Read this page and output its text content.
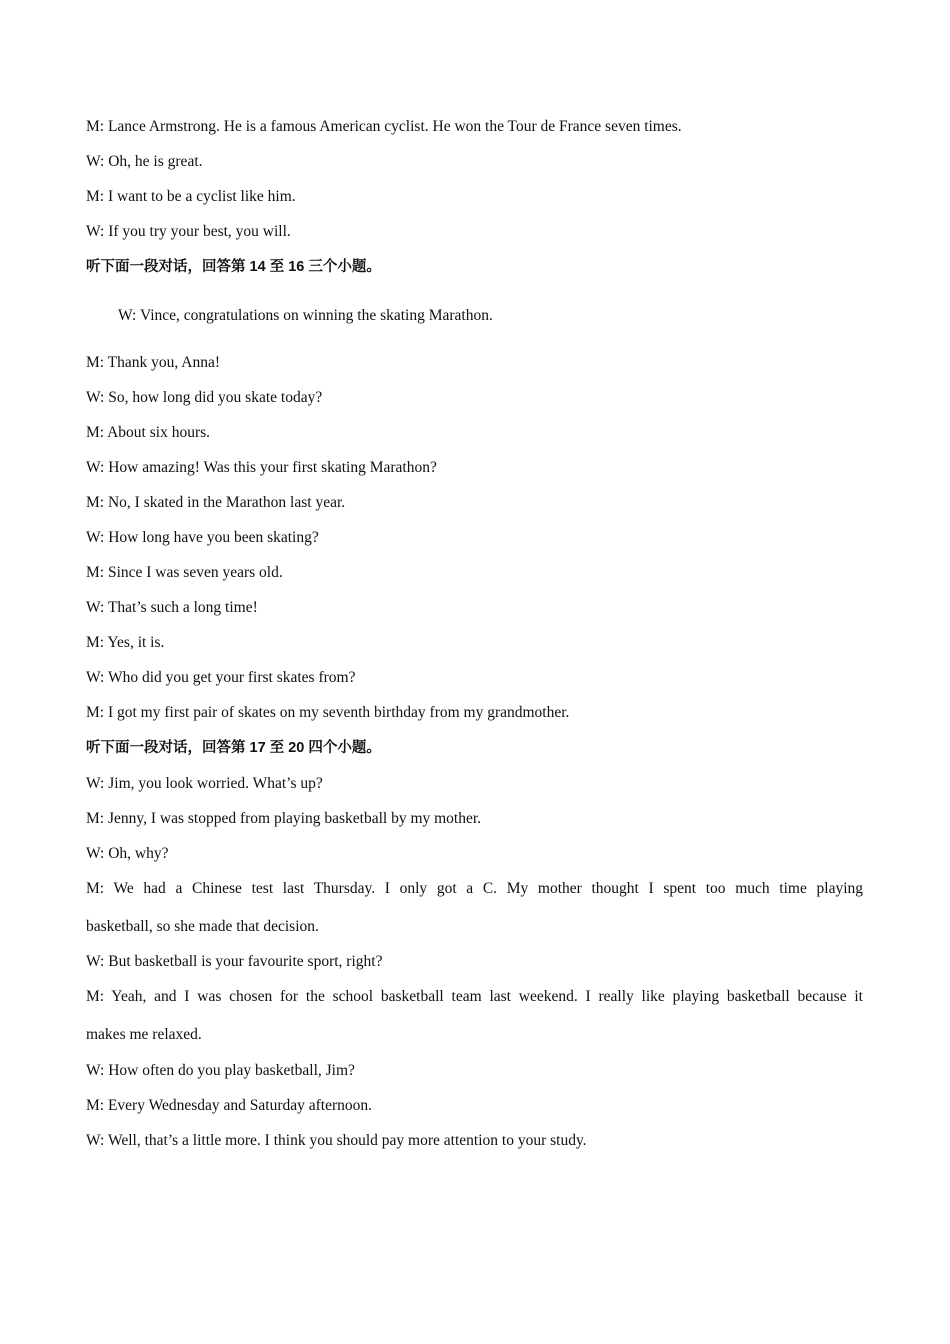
M: Lance Armstrong. He is a famous American cyclist. He won the Tour de France seven times.
W: Oh, he is great.
M: I want to be a cyclist like him.
W: If you try your best, you will.
听下面一段对话，回答第 14 至 16 三个小题。
W: Vince, congratulations on winning the skating Marathon.
M: Thank you, Anna!
W: So, how long did you skate today?
M: About six hours.
W: How amazing! Was this your first skating Marathon?
M: No, I skated in the Marathon last year.
W: How long have you been skating?
M: Since I was seven years old.
W: That’s such a long time!
M: Yes, it is.
W: Who did you get your first skates from?
M: I got my first pair of skates on my seventh birthday from my grandmother.
听下面一段对话，回答第 17 至 20 四个小题。
W: Jim, you look worried. What’s up?
M: Jenny, I was stopped from playing basketball by my mother.
W: Oh, why?
M: We had a Chinese test last Thursday. I only got a C. My mother thought I spent too much time playing
basketball, so she made that decision.
W: But basketball is your favourite sport, right?
M: Yeah, and I was chosen for the school basketball team last weekend. I really like playing basketball because it
makes me relaxed.
W: How often do you play basketball, Jim?
M: Every Wednesday and Saturday afternoon.
W: Well, that’s a little more. I think you should pay more attention to your study.
